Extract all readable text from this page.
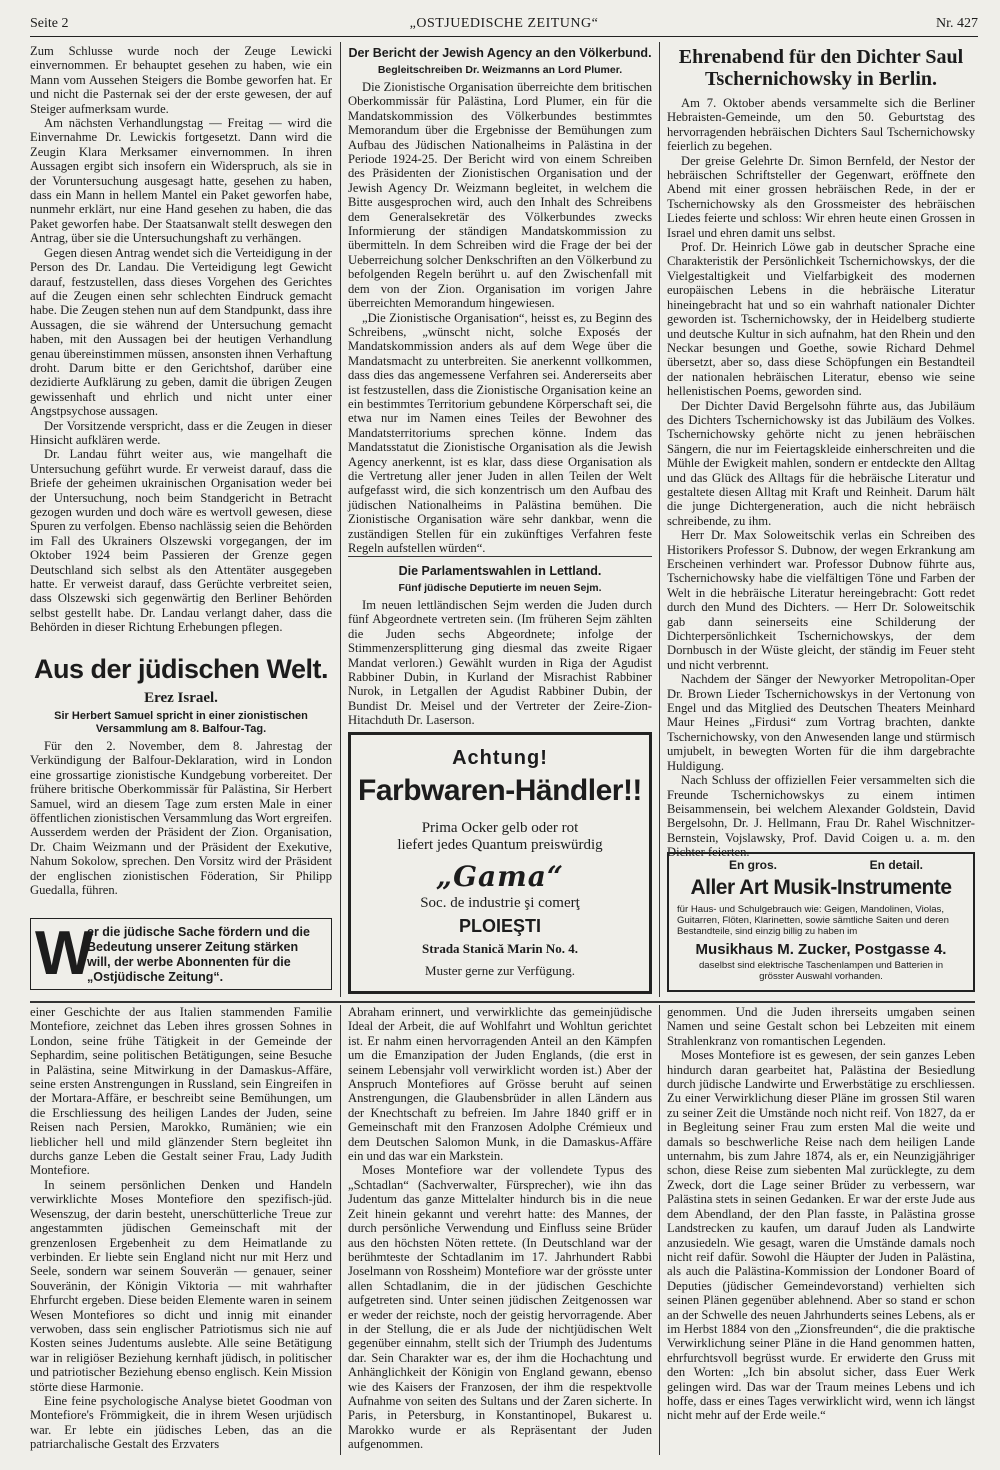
Seite 2	„OSTJUEDISCHE ZEITUNG“	Nr. 427

Zum Schlusse wurde noch der Zeuge Lewicki einvernommen. Er behauptet gesehen zu haben, wie ein Mann vom Aussehen Steigers die Bombe geworfen hat. Er und nicht die Pasternak sei der der erste gewesen, der auf Steiger aufmerksam wurde.

Am nächsten Verhandlungstag — Freitag — wird die Einvernahme Dr. Lewickis fortgesetzt. Dann wird die Zeugin Klara Merksamer einvernommen. In ihren Aussagen ergibt sich insofern ein Widerspruch, als sie in der Voruntersuchung ausgesagt hatte, gesehen zu haben, dass ein Mann in hellem Mantel ein Paket geworfen habe, nunmehr erklärt, nur eine Hand gesehen zu haben, die das Paket geworfen habe. Der Staatsanwalt stellt deswegen den Antrag, über sie die Untersuchungshaft zu verhängen.

Gegen diesen Antrag wendet sich die Verteidigung in der Person des Dr. Landau. Die Verteidigung legt Gewicht darauf, festzustellen, dass dieses Vorgehen des Gerichtes auf die Zeugen einen sehr schlechten Eindruck gemacht habe. Die Zeugen stehen nun auf dem Standpunkt, dass ihre Aussagen, die sie während der Untersuchung gemacht haben, mit den Aussagen bei der heutigen Verhandlung genau übereinstimmen müssen, ansonsten ihnen Verhaftung droht. Darum bitte er den Gerichtshof, darüber eine dezidierte Aufklärung zu geben, damit die übrigen Zeugen gewissenhaft und ehrlich und nicht unter einer Angstpsychose aussagen.

Der Vorsitzende verspricht, dass er die Zeugen in dieser Hinsicht aufklären werde.

Dr. Landau führt weiter aus, wie mangelhaft die Untersuchung geführt wurde. Er verweist darauf, dass die Briefe der geheimen ukrainischen Organisation weder bei der Untersuchung, noch beim Standgericht in Betracht gezogen wurden und doch wäre es wertvoll gewesen, diese Spuren zu verfolgen. Ebenso nachlässig seien die Behörden im Fall des Ukrainers Olszewski vorgegangen, der im Oktober 1924 beim Passieren der Grenze gegen Deutschland sich selbst als den Attentäter ausgegeben hatte. Er verweist darauf, dass Gerüchte verbreitet seien, dass Olszewski sich gegenwärtig den Berliner Behörden selbst gestellt habe. Dr. Landau verlangt daher, dass die Behörden in dieser Richtung Erhebungen pflegen.

Aus der jüdischen Welt.
Erez Israel.
Sir Herbert Samuel spricht in einer zionistischen Versammlung am 8. Balfour-Tag.

Für den 2. November, dem 8. Jahrestag der Verkündigung der Balfour-Deklaration, wird in London eine grossartige zionistische Kundgebung vorbereitet. Der frühere britische Oberkommissär für Palästina, Sir Herbert Samuel, wird an diesem Tage zum ersten Male in einer öffentlichen zionistischen Versammlung das Wort ergreifen. Ausserdem werden der Präsident der Zion. Organisation, Dr. Chaim Weizmann und der Präsident der Exekutive, Nahum Sokolow, sprechen. Den Vorsitz wird der Präsident der englischen zionistischen Föderation, Sir Philipp Guedalla, führen.

W
er die jüdische Sache fördern und die Bedeutung unserer Zeitung stärken will, der werbe Abonnenten für die „Ostjüdische Zeitung“.
Der Bericht der Jewish Agency an den Völkerbund.
Begleitschreiben Dr. Weizmanns an Lord Plumer.

Die Zionistische Organisation überreichte dem britischen Oberkommissär für Palästina, Lord Plumer, ein für die Mandatskommission des Völkerbundes bestimmtes Memorandum über die Ergebnisse der Bemühungen zum Aufbau des Jüdischen Nationalheims in Palästina in der Periode 1924-25. Der Bericht wird von einem Schreiben des Präsidenten der Zionistischen Organisation und der Jewish Agency Dr. Weizmann begleitet, in welchem die Bitte ausgesprochen wird, auch den Inhalt des Schreibens dem Generalsekretär des Völkerbundes zwecks Informierung der ständigen Mandatskommission zu übermitteln. In dem Schreiben wird die Frage der bei der Ueberreichung solcher Denkschriften an den Völkerbund zu befolgenden Regeln berührt u. auf den Zwischenfall mit dem von der Zion. Organisation im vorigen Jahre überreichten Memorandum hingewiesen.

„Die Zionistische Organisation“, heisst es, zu Beginn des Schreibens, „wünscht nicht, solche Exposés der Mandatskommission anders als auf dem Wege über die Mandatsmacht zu unterbreiten. Sie anerkennt vollkommen, dass dies das angemessene Verfahren sei. Andererseits aber ist festzustellen, dass die Zionistische Organisation keine an ein bestimmtes Territorium gebundene Körperschaft sei, die etwa nur im Namen eines Teiles der Bewohner des Mandatsterritoriums sprechen könne. Indem das Mandatsstatut die Zionistische Organisation als die Jewish Agency anerkennt, ist es klar, dass diese Organisation als die Vertretung aller jener Juden in allen Teilen der Welt aufgefasst wird, die sich konzentrisch um den Aufbau des jüdischen Nationalheims in Palästina bemühen. Die Zionistische Organisation wäre sehr dankbar, wenn die zuständigen Stellen für ein zukünftiges Verfahren feste Regeln aufstellen würden“.

Die Parlamentswahlen in Lettland.
Fünf jüdische Deputierte im neuen Sejm.

Im neuen lettländischen Sejm werden die Juden durch fünf Abgeordnete vertreten sein. (Im früheren Sejm zählten die Juden sechs Abgeordnete; infolge der Stimmenzersplitterung ging diesmal das zweite Rigaer Mandat verloren.) Gewählt wurden in Riga der Agudist Rabbiner Dubin, in Kurland der Misrachist Rabbiner Nurok, in Letgallen der Agudist Rabbiner Dubin, der Bundist Dr. Meisel und der Vertreter der Zeire-Zion-Hitachduth Dr. Laserson.

Achtung!
Farbwaren-Händler!!
Prima Ocker gelb oder rot
liefert jedes Quantum preiswürdig
„Gama“
Soc. de industrie şi comerţ
PLOIEŞTI
Strada Stanică Marin No. 4.
Muster gerne zur Verfügung.
Ehrenabend für den Dichter Saul Tschernichowsky in Berlin.

Am 7. Oktober abends versammelte sich die Berliner Hebraisten-Gemeinde, um den 50. Geburtstag des hervorragenden hebräischen Dichters Saul Tschernichowsky feierlich zu begehen.

Der greise Gelehrte Dr. Simon Bernfeld, der Nestor der hebräischen Schriftsteller der Gegenwart, eröffnete den Abend mit einer grossen hebräischen Rede, in der er Tschernichowsky als den Grossmeister des hebräischen Liedes feierte und schloss: Wir ehren heute einen Grossen in Israel und ehren damit uns selbst.

Prof. Dr. Heinrich Löwe gab in deutscher Sprache eine Charakteristik der Persönlichkeit Tschernichowskys, der die Vielgestaltigkeit und Vielfarbigkeit des modernen europäischen Lebens in die hebräische Literatur hineingebracht hat und so ein wahrhaft nationaler Dichter geworden ist. Tschernichowsky, der in Heidelberg studierte und deutsche Kultur in sich aufnahm, hat den Rhein und den Neckar besungen und Goethe, sowie Richard Dehmel übersetzt, aber so, dass diese Schöpfungen ein Bestandteil der nationalen hebräischen Literatur, ebenso wie seine hellenistischen Poems, geworden sind.

Der Dichter David Bergelsohn führte aus, das Jubiläum des Dichters Tschernichowsky ist das Jubiläum des Volkes. Tschernichowsky gehörte nicht zu jenen hebräischen Sängern, die nur im Feiertagskleide einherschreiten und die Mühle der Ewigkeit mahlen, sondern er entdeckte den Alltag und das Glück des Alltags für die hebräische Literatur und gestaltete diesen Alltag mit Kraft und Reinheit. Darum hält die junge Dichtergeneration, auch die nicht hebräisch schreibende, zu ihm.

Herr Dr. Max Soloweitschik verlas ein Schreiben des Historikers Professor S. Dubnow, der wegen Erkrankung am Erscheinen verhindert war. Professor Dubnow führte aus, Tschernichowsky habe die vielfältigen Töne und Farben der Welt in die hebräische Literatur hereingebracht: Gott redet durch den Mund des Dichters. — Herr Dr. Soloweitschik gab dann seinerseits eine Schilderung der Dichterpersönlichkeit Tschernichowskys, der dem Dornbusch in der Wüste gleicht, der ständig im Feuer steht und nicht verbrennt.

Nachdem der Sänger der Newyorker Metropolitan-Oper Dr. Brown Lieder Tschernichowskys in der Vertonung von Engel und das Mitglied des Deutschen Theaters Meinhard Maur Heines „Firdusi“ zum Vortrag brachten, dankte Tschernichowsky, von den Anwesenden lange und stürmisch umjubelt, in bewegten Worten für die ihm dargebrachte Huldigung.

Nach Schluss der offiziellen Feier versammelten sich die Freunde Tschernichowskys zu einem intimen Beisammensein, bei welchem Alexander Goldstein, David Bergelsohn, Dr. J. Hellmann, Frau Dr. Rahel Wischnitzer-Bernstein, Vojslawsky, Prof. David Coigen u. a. m. den Dichter feierten.

En gros.	En detail.
Aller Art Musik-Instrumente
für Haus- und Schulgebrauch wie: Geigen, Mandolinen, Violas, Guitarren, Flöten, Klarinetten, sowie sämtliche Saiten und deren Bestandteile, sind einzig billig zu haben im
Musikhaus M. Zucker, Postgasse 4.
daselbst sind elektrische Taschenlampen und Batterien in grösster Auswahl vorhanden.

einer Geschichte der aus Italien stammenden Familie Montefiore, zeichnet das Leben ihres grossen Sohnes in London, seine frühe Tätigkeit in der Gemeinde der Sephardim, seine politischen Betätigungen, seine Besuche in Palästina, seine Mitwirkung in der Damaskus-Affäre, seine ersten Anstrengungen in Russland, sein Eingreifen in der Mortara-Affäre, er beschreibt seine Bemühungen, um die Erschliessung des heiligen Landes der Juden, seine Reisen nach Persien, Marokko, Rumänien; wie ein lieblicher hell und mild glänzender Stern begleitet ihn durchs ganze Leben die Gestalt seiner Frau, Lady Judith Montefiore.

In seinem persönlichen Denken und Handeln verwirklichte Moses Montefiore den spezifisch-jüd. Wesenszug, der darin besteht, unerschütterliche Treue zur angestammten jüdischen Gemeinschaft mit der grenzenlosen Ergebenheit zu dem Heimatlande zu verbinden. Er liebte sein England nicht nur mit Herz und Seele, sondern war seinem Souverän — genauer, seiner Souveränin, der Königin Viktoria — mit wahrhafter Ehrfurcht ergeben. Diese beiden Elemente waren in seinem Wesen Montefiores so dicht und innig mit einander verwoben, dass sein englischer Patriotismus sich nie auf Kosten seines Judentums auslebte. Alle seine Betätigung war in religiöser Beziehung kernhaft jüdisch, in politischer und patriotischer Beziehung ebenso englisch. Kein Mission störte diese Harmonie.

Eine feine psychologische Analyse bietet Goodman von Montefiore's Frömmigkeit, die in ihrem Wesen urjüdisch war. Er lebte ein jüdisches Leben, das an die patriarchalische Gestalt des Erzvaters

Abraham erinnert, und verwirklichte das gemeinjüdische Ideal der Arbeit, die auf Wohlfahrt und Wohltun gerichtet ist. Er nahm einen hervorragenden Anteil an den Kämpfen um die Emanzipation der Juden Englands, (die erst in seinem Lebensjahr voll verwirklicht worden ist.) Aber der Anspruch Montefiores auf Grösse beruht auf seinen Anstrengungen, die Glaubensbrüder in allen Ländern aus der Knechtschaft zu befreien. Im Jahre 1840 griff er in Gemeinschaft mit den Franzosen Adolphe Crémieux und dem Deutschen Salomon Munk, in die Damaskus-Affäre ein und das war ein Markstein.

Moses Montefiore war der vollendete Typus des „Schtadlan“ (Sachverwalter, Fürsprecher), wie ihn das Judentum das ganze Mittelalter hindurch bis in die neue Zeit hinein gekannt und verehrt hatte: des Mannes, der durch persönliche Verwendung und Einfluss seine Brüder aus den höchsten Nöten rettete. (In Deutschland war der berühmteste der Schtadlanim im 17. Jahrhundert Rabbi Joselmann von Rossheim) Montefiore war der grösste unter allen Schtadlanim, die in der jüdischen Geschichte aufgetreten sind. Unter seinen jüdischen Zeitgenossen war er weder der reichste, noch der geistig hervorragende. Aber in der Stellung, die er als Jude der nichtjüdischen Welt gegenüber einnahm, stellt sich der Triumph des Judentums dar. Sein Charakter war es, der ihm die Hochachtung und Anhänglichkeit der Königin von England gewann, ebenso wie des Kaisers der Franzosen, der ihm die respektvolle Aufnahme von seiten des Sultans und der Zaren sicherte. In Paris, in Petersburg, in Konstantinopel, Bukarest u. Marokko wurde er als Repräsentant der Juden aufgenommen.

genommen. Und die Juden ihrerseits umgaben seinen Namen und seine Gestalt schon bei Lebzeiten mit einem Strahlenkranz von romantischen Legenden.

Moses Montefiore ist es gewesen, der sein ganzes Leben hindurch daran gearbeitet hat, Palästina der Besiedlung durch jüdische Landwirte und Erwerbstätige zu erschliessen. Zu einer Verwirklichung dieser Pläne im grossen Stil waren zu seiner Zeit die Umstände noch nicht reif. Von 1827, da er in Begleitung seiner Frau zum ersten Mal die weite und damals so beschwerliche Reise nach dem heiligen Lande unternahm, bis zum Jahre 1874, als er, ein Neunzigjähriger schon, diese Reise zum siebenten Mal zurücklegte, zu dem Zweck, dort die Lage seiner Brüder zu verbessern, war Palästina stets in seinen Gedanken. Er war der erste Jude aus dem Abendland, der den Plan fasste, in Palästina grosse Landstrecken zu kaufen, um darauf Juden als Landwirte anzusiedeln. Wie gesagt, waren die Umstände damals noch nicht reif dafür. Sowohl die Häupter der Juden in Palästina, als auch die Palästina-Kommission der Londoner Board of Deputies (jüdischer Gemeindevorstand) verhielten sich seinen Plänen gegenüber ablehnend. Aber so stand er schon an der Schwelle des neuen Jahrhunderts seines Lebens, als er im Herbst 1884 von den „Zionsfreunden“, die die praktische Verwirklichung seiner Pläne in die Hand genommen hatten, ehrfurchtsvoll begrüsst wurde. Er erwiderte den Gruss mit den Worten: „Ich bin absolut sicher, dass Euer Werk gelingen wird. Das war der Traum meines Lebens und ich hoffe, dass er eines Tages verwirklicht wird, wenn ich längst nicht mehr auf der Erde weile.“
